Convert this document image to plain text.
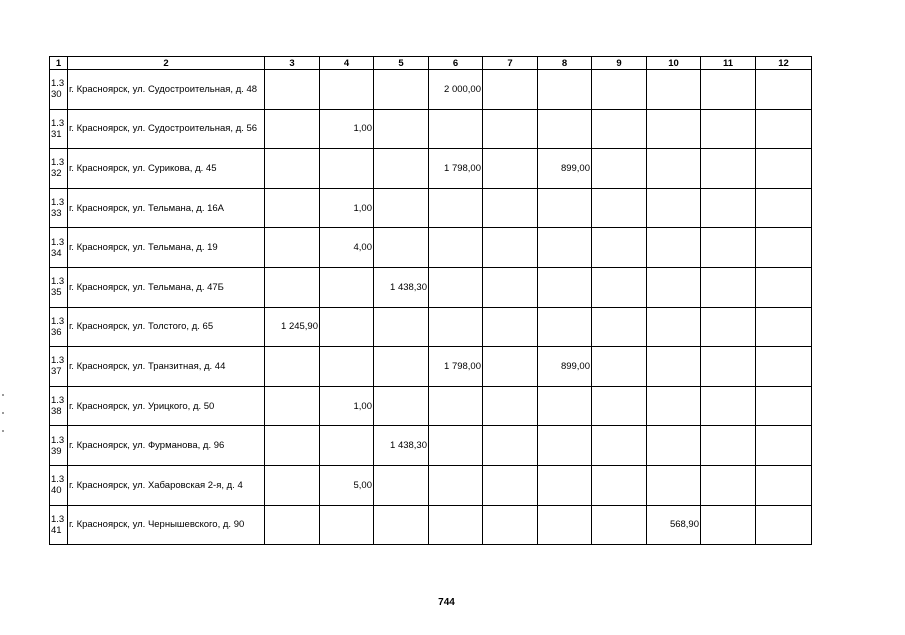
1	2	3	4	5	6	7	8	9	10	11	12
1.3 30	г. Красноярск, ул. Судостроительная, д. 48				2 000,00						
1.3 31	г. Красноярск, ул. Судостроительная, д. 56		1,00								
1.3 32	г. Красноярск, ул. Сурикова, д. 45				1 798,00		899,00				
1.3 33	г. Красноярск, ул. Тельмана, д. 16А		1,00								
1.3 34	г. Красноярск, ул. Тельмана, д. 19		4,00								
1.3 35	г. Красноярск, ул. Тельмана, д. 47Б			1 438,30							
1.3 36	г. Красноярск, ул. Толстого, д. 65	1 245,90									
1.3 37	г. Красноярск, ул. Транзитная, д. 44				1 798,00		899,00				
1.3 38	г. Красноярск, ул. Урицкого, д. 50		1,00								
1.3 39	г. Красноярск, ул. Фурманова, д. 96			1 438,30							
1.3 40	г. Красноярск, ул. Хабаровская 2-я, д. 4		5,00								
1.3 41	г. Красноярск, ул. Чернышевского, д. 90								568,90		
744
